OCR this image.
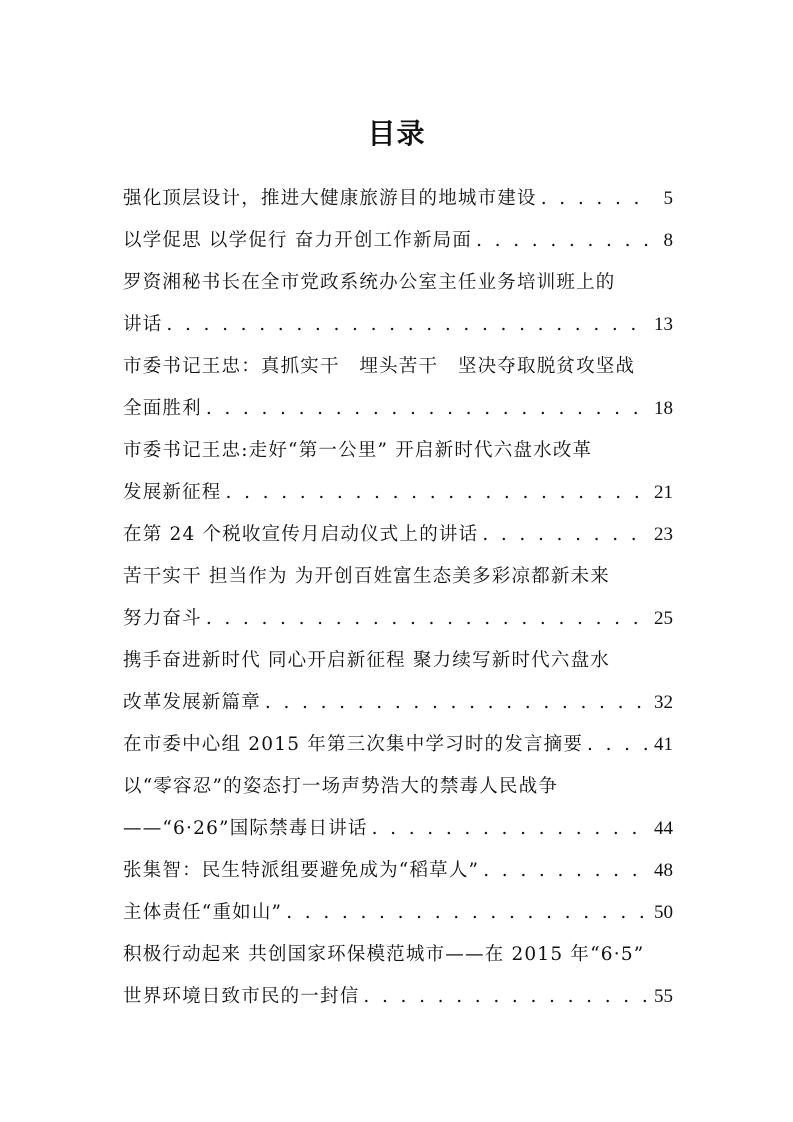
目录
强化顶层设计，推进大健康旅游目的地城市建设 . . .	5
以学促思 以学促行 奋力开创工作新局面 . . .	8
罗资湘秘书长在全市党政系统办公室主任业务培训班上的
讲话 . . .	13
市委书记王忠：真抓实干　埋头苦干　坚决夺取脱贫攻坚战
全面胜利 . . .	18
市委书记王忠:走好“第一公里” 开启新时代六盘水改革
发展新征程 . . .	21
在第 24 个税收宣传月启动仪式上的讲话 . . .	23
苦干实干 担当作为 为开创百姓富生态美多彩凉都新未来
努力奋斗 . . .	25
携手奋进新时代 同心开启新征程 聚力续写新时代六盘水
改革发展新篇章 . . .	32
在市委中心组 2015 年第三次集中学习时的发言摘要 . . .	41
以“零容忍”的姿态打一场声势浩大的禁毒人民战争
——“6·26”国际禁毒日讲话 . . .	44
张集智：民生特派组要避免成为“稻草人” . . .	48
主体责任“重如山” . . .	50
积极行动起来 共创国家环保模范城市——在 2015 年“6·5”
世界环境日致市民的一封信 . . .	55
